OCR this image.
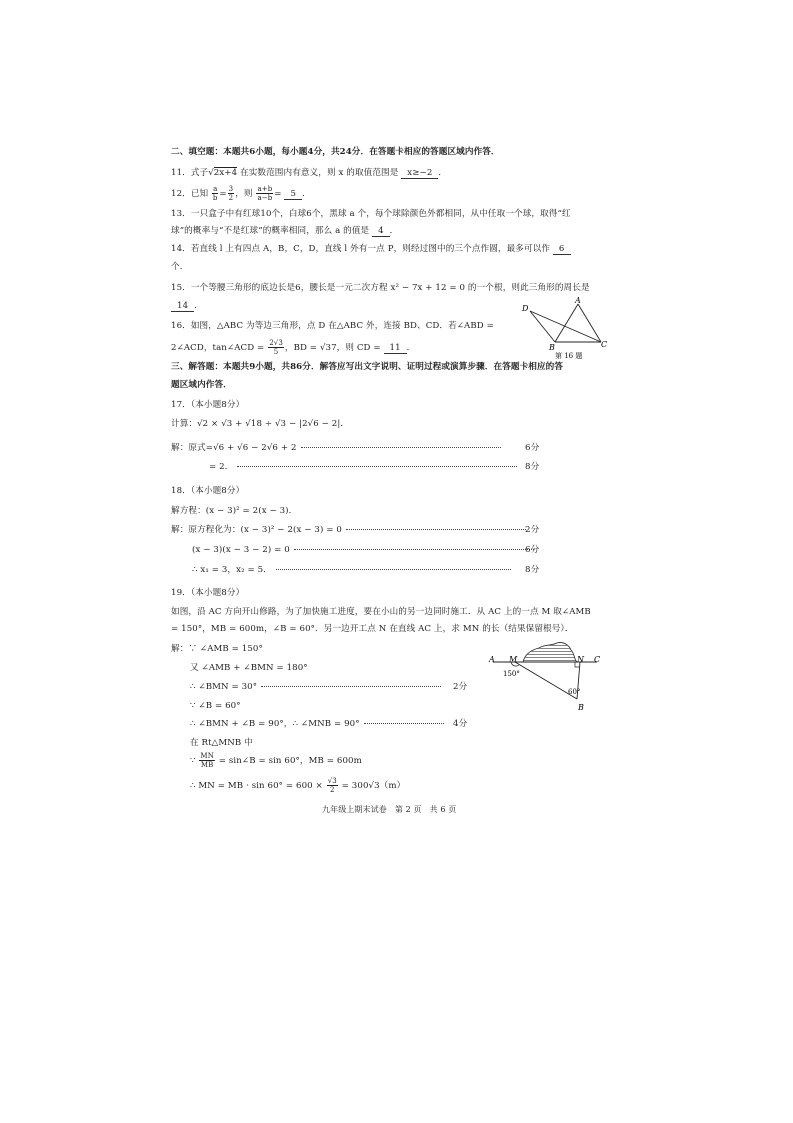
二、填空题：本题共6小题，每小题4分，共24分．在答题卡相应的答题区域内作答．
11．式子√2x+4 在实数范围内有意义，则 x 的取值范围是 x≥−2 ．
12．已知 $\frac{a}{b} = \frac{3}{2}$ ，则 $\frac{a+b}{a-b} = 5$ ．
13．一只盒子中有红球10个，白球6个，黑球 a 个，每个球除颜色外都相同，从中任取一个球，取得“红
球”的概率与“不是红球”的概率相同，那么 a 的值是 4 ．
14．若直线 l 上有四点 A，B，C，D，直线 l 外有一点 P，则经过图中的三个点作圆，最多可以作 6
个．
15．一个等腰三角形的底边长是6，腰长是一元二次方程 x² − 7x + 12 = 0 的一个根，则此三角形的周长是
14 ．
16．如图，△ABC 为等边三角形，点 D 在△ABC 外，连接 BD、CD．若∠ABD =
2∠ACD，tan∠ACD = $\frac{2√3}{5}$ ，BD = √37，则 CD = 11 ．
A
D
B	C
第 16 题
三、解答题：本题共9小题，共86分．解答应写出文字说明、证明过程或演算步骤．在答题卡相应的答
题区域内作答．
17．（本小题8分）
计算：√2 × √3 + √18 ÷ √3 − |2√6 − 2|．
解：原式=√6 + √6 − 2√6 + 2	6分
= 2．	8分
18．（本小题8分）
解方程：(x − 3)² = 2(x − 3)．
解：原方程化为：(x − 3)² − 2(x − 3) = 0	2分
(x − 3)(x − 3 − 2) = 0	6分
∴ x₁ = 3，x₂ = 5．	8分
19．（本小题8分）
如图，沿 AC 方向开山修路，为了加快施工进度，要在小山的另一边同时施工．从 AC 上的一点 M 取∠AMB
= 150°，MB = 600m，∠B = 60°．另一边开工点 N 在直线 AC 上，求 MN 的长（结果保留根号）．
解：∵ ∠AMB = 150°
又 ∠AMB + ∠BMN = 180°
∴ ∠BMN = 30°	2分
∵ ∠B = 60°
∴ ∠BMN + ∠B = 90°，∴ ∠MNB = 90°	4分
在 Rt△MNB 中
∵ $\frac{MN}{MB}$ = sin∠B = sin 60°，MB = 600m
∴ MN = MB · $\sin 60^\circ = 600 \times \frac{√3}{2} = 300√3(m)$
A M	N C
B
150°
60°
九年级上期末试卷　第 2 页　共 6 页
